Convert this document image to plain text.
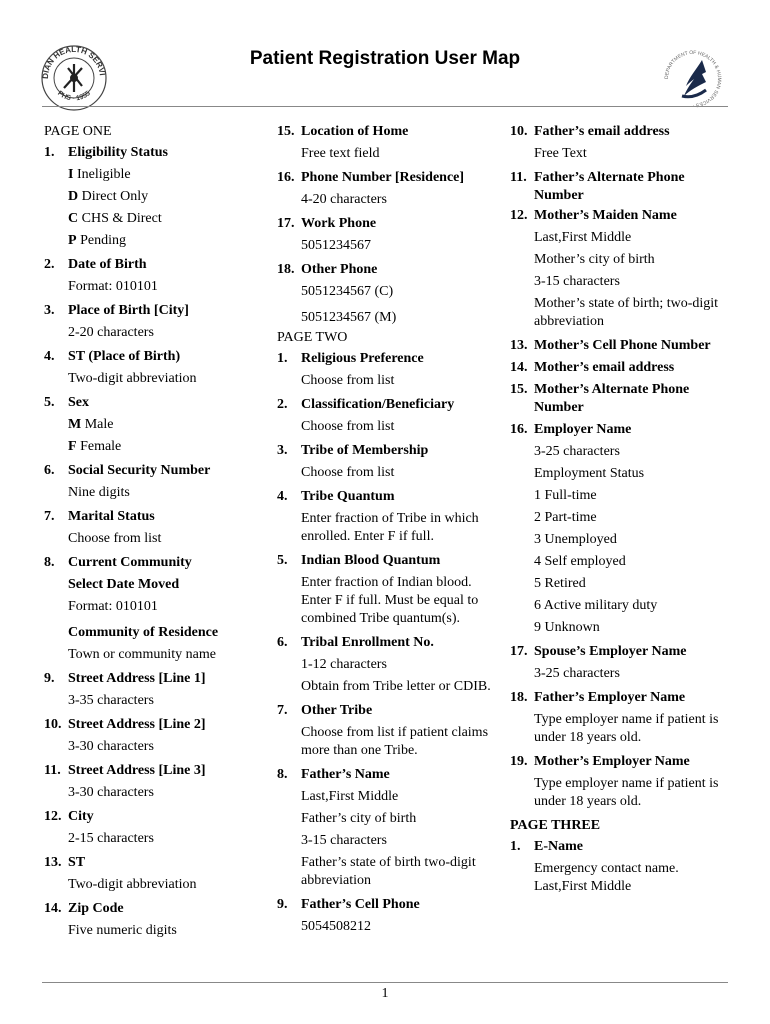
DIAN HEALTH SERVI
PHS · 1955
Patient Registration User Map
DEPARTMENT OF HEALTH & HUMAN SERVICES ·
PAGE ONE
1. Eligibility Status
I Ineligible
D Direct Only
C CHS & Direct
P Pending
2. Date of Birth
Format: 010101
3. Place of Birth [City]
2-20 characters
4. ST (Place of Birth)
Two-digit abbreviation
5. Sex
M Male
F Female
6. Social Security Number
Nine digits
7. Marital Status
Choose from list
8. Current Community
Select Date Moved
Format: 010101
Community of Residence
Town or community name
9. Street Address [Line 1]
3-35 characters
10. Street Address [Line 2]
3-30 characters
11. Street Address [Line 3]
3-30 characters
12. City
2-15 characters
13. ST
Two-digit abbreviation
14. Zip Code
Five numeric digits
15. Location of Home
Free text field
16. Phone Number [Residence]
4-20 characters
17. Work Phone
5051234567
18. Other Phone
5051234567 (C)
5051234567 (M)
PAGE TWO
1. Religious Preference
Choose from list
2. Classification/Beneficiary
Choose from list
3. Tribe of Membership
Choose from list
4. Tribe Quantum
Enter fraction of Tribe in which enrolled. Enter F if full.
5. Indian Blood Quantum
Enter fraction of Indian blood. Enter F if full. Must be equal to combined Tribe quantum(s).
6. Tribal Enrollment No.
1-12 characters
Obtain from Tribe letter or CDIB.
7. Other Tribe
Choose from list if patient claims more than one Tribe.
8. Father’s Name
Last,First Middle
Father’s city of birth
3-15 characters
Father’s state of birth two-digit abbreviation
9. Father’s Cell Phone
5054508212
10. Father’s email address
Free Text
11. Father’s Alternate Phone Number
12. Mother’s Maiden Name
Last,First Middle
Mother’s city of birth
3-15 characters
Mother’s state of birth; two-digit abbreviation
13. Mother’s Cell Phone Number
14. Mother’s email address
15. Mother’s Alternate Phone Number
16. Employer Name
3-25 characters
Employment Status
1 Full-time
2 Part-time
3 Unemployed
4 Self employed
5 Retired
6 Active military duty
9 Unknown
17. Spouse’s Employer Name
3-25 characters
18. Father’s Employer Name
Type employer name if patient is under 18 years old.
19. Mother’s Employer Name
Type employer name if patient is under 18 years old.
PAGE THREE
1. E-Name
Emergency contact name. Last,First Middle
1
